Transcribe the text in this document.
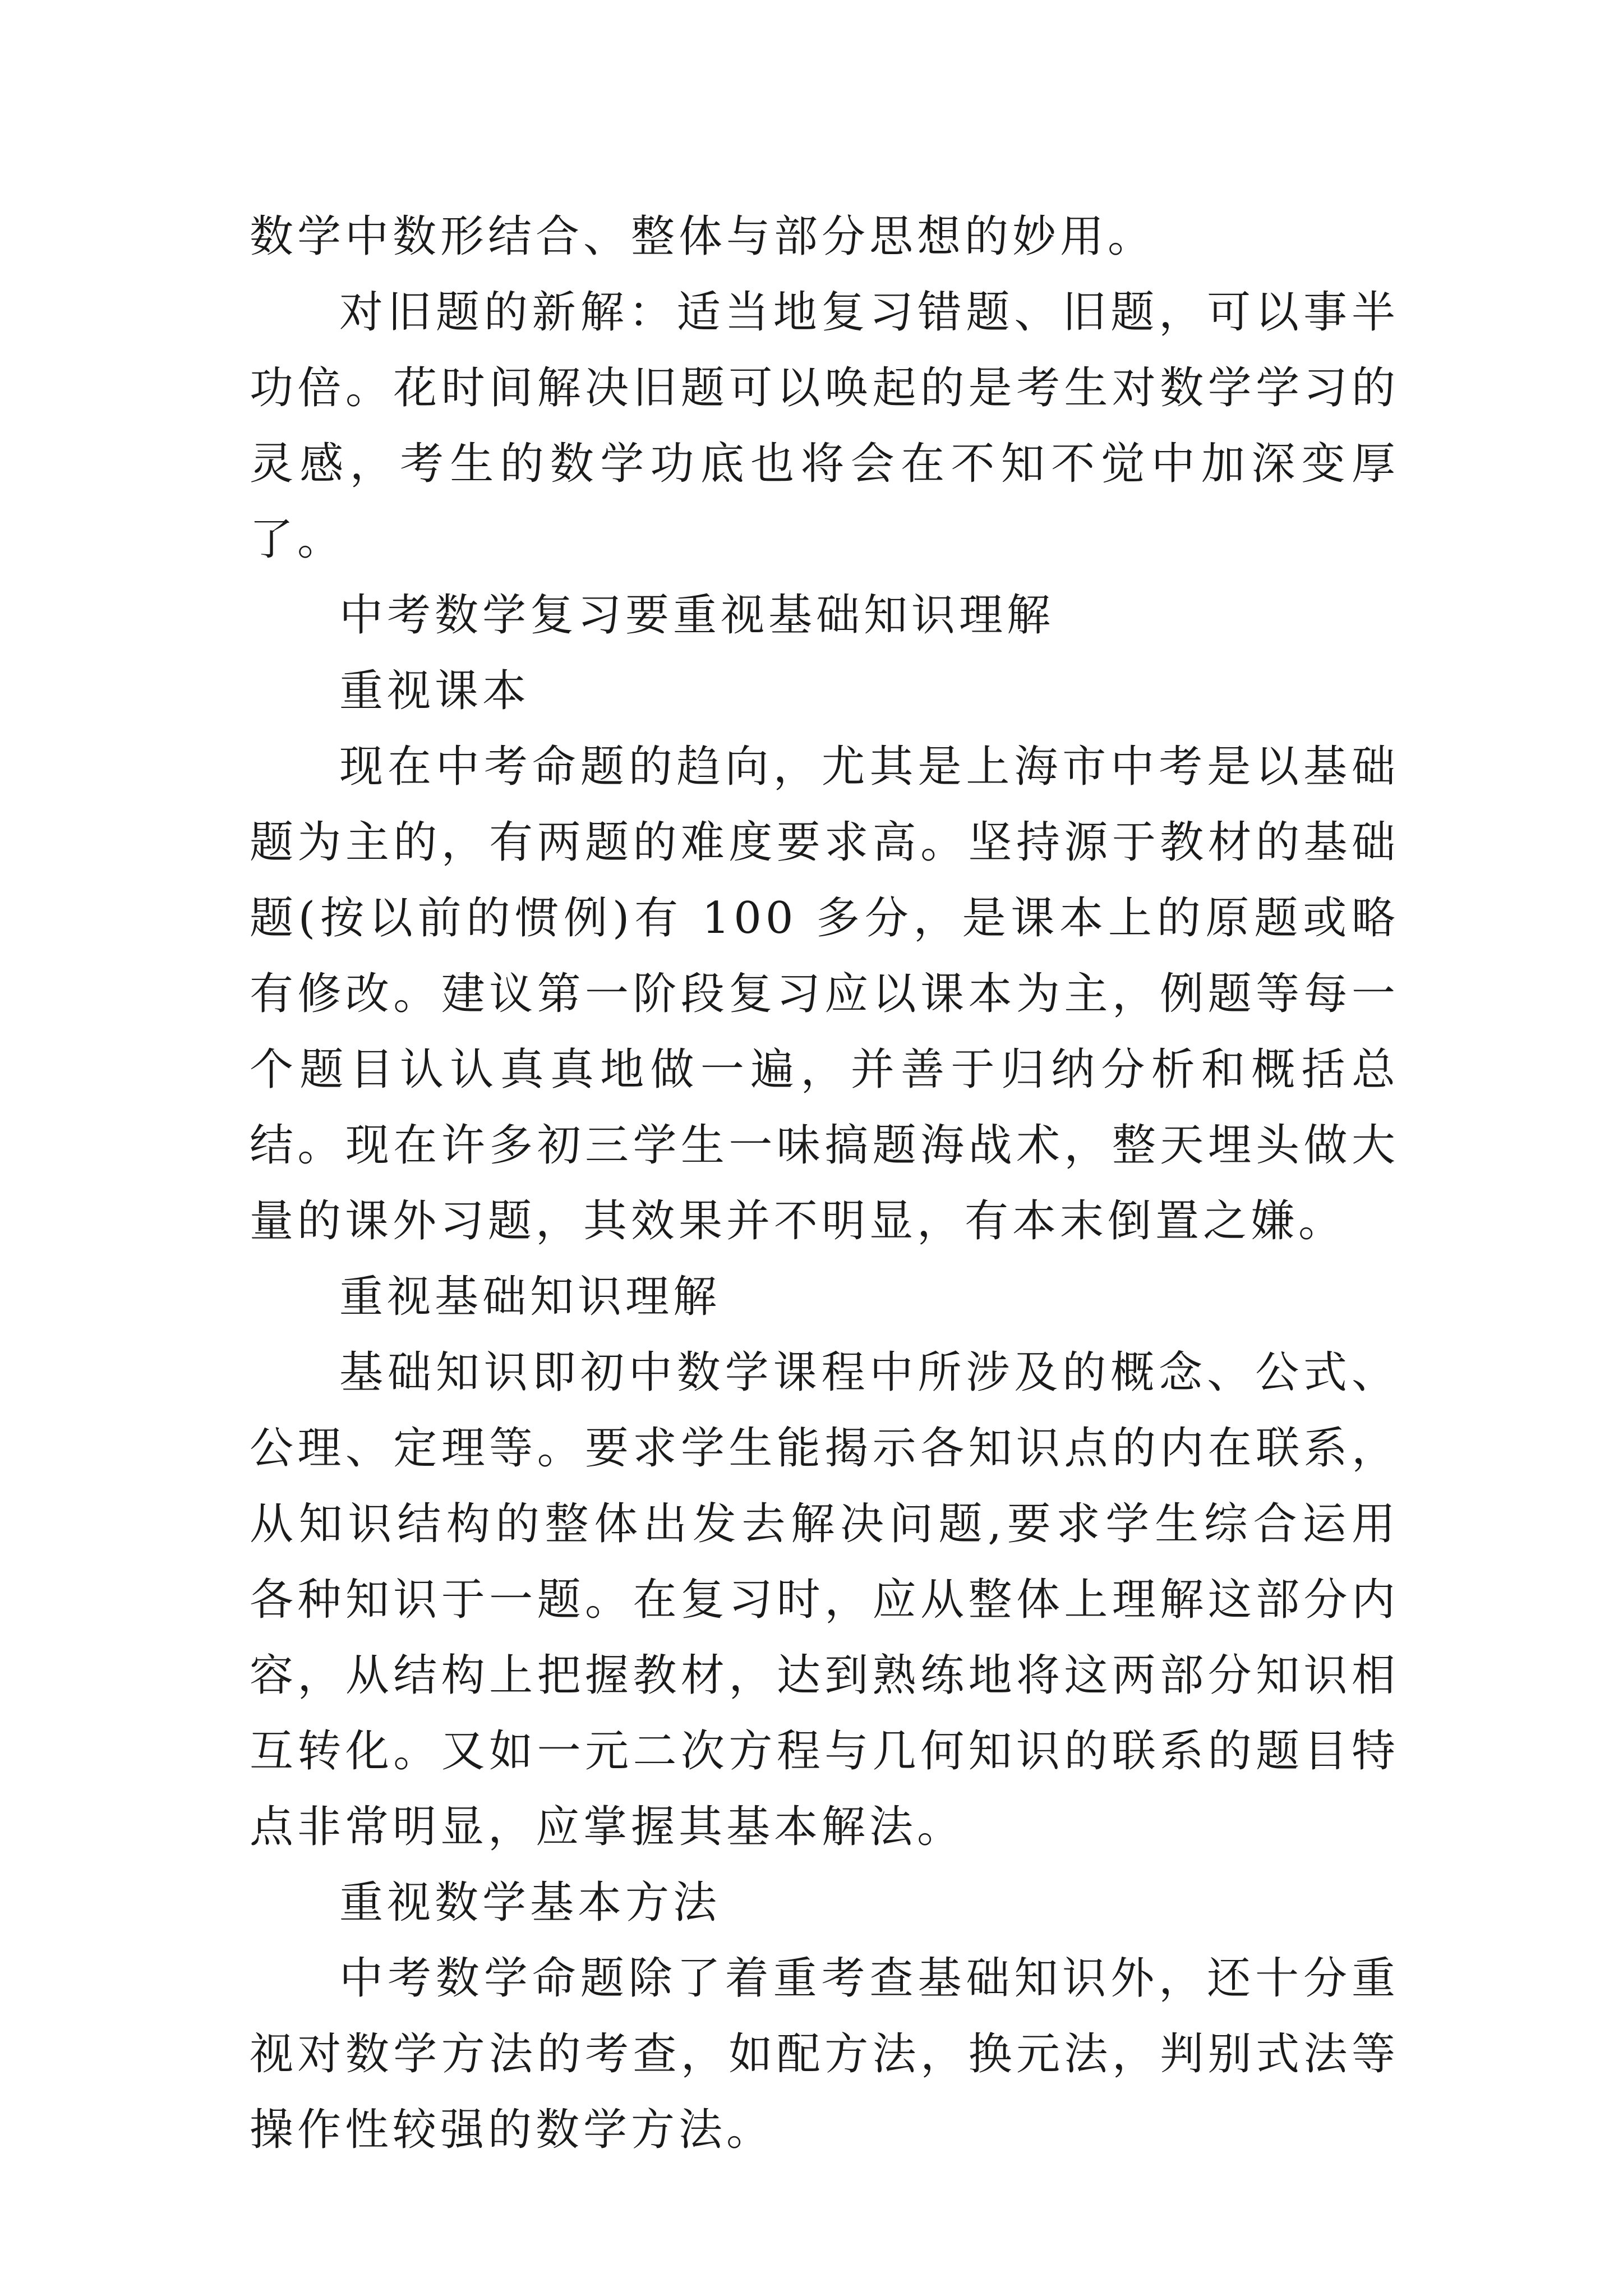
数学中数形结合、整体与部分思想的妙用。

对旧题的新解：适当地复习错题、旧题，可以事半功倍。花时间解决旧题可以唤起的是考生对数学学习的灵感，考生的数学功底也将会在不知不觉中加深变厚了。

中考数学复习要重视基础知识理解

重视课本

现在中考命题的趋向，尤其是上海市中考是以基础题为主的，有两题的难度要求高。坚持源于教材的基础题(按以前的惯例)有 100 多分，是课本上的原题或略有修改。建议第一阶段复习应以课本为主，例题等每一个题目认认真真地做一遍，并善于归纳分析和概括总结。现在许多初三学生一味搞题海战术，整天埋头做大量的课外习题，其效果并不明显，有本末倒置之嫌。

重视基础知识理解

基础知识即初中数学课程中所涉及的概念、公式、公理、定理等。要求学生能揭示各知识点的内在联系，从知识结构的整体出发去解决问题,要求学生综合运用各种知识于一题。在复习时，应从整体上理解这部分内容，从结构上把握教材，达到熟练地将这两部分知识相互转化。又如一元二次方程与几何知识的联系的题目特点非常明显，应掌握其基本解法。

重视数学基本方法

中考数学命题除了着重考查基础知识外，还十分重视对数学方法的考查，如配方法，换元法，判别式法等操作性较强的数学方法。
